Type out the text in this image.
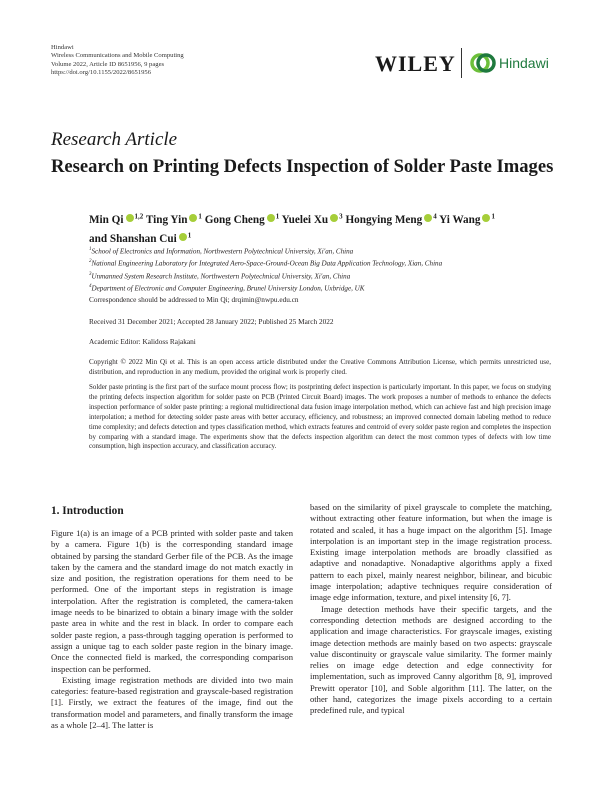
Hindawi
Wireless Communications and Mobile Computing
Volume 2022, Article ID 8651956, 9 pages
https://doi.org/10.1155/2022/8651956	WILEY	Hindawi
Research Article
Research on Printing Defects Inspection of Solder Paste Images
Min Qi $^{1,2}$ Ting Yin $^1$ Gong Cheng $^1$ Yuelei Xu $^3$ Hongying Meng $^4$ Yi Wang $^1$
and Shanshan Cui $^1$
$^1$School of Electronics and Information, Northwestern Polytechnical University, Xi'an, China
$^2$National Engineering Laboratory for Integrated Aero-Space-Ground-Ocean Big Data Application Technology, Xian, China
$^3$Unmanned System Research Institute, Northwestern Polytechnical University, Xi'an, China
$^4$Department of Electronic and Computer Engineering, Brunel University London, Uxbridge, UK
Correspondence should be addressed to Min Qi; drqimin@nwpu.edu.cn
Received 31 December 2021; Accepted 28 January 2022; Published 25 March 2022
Academic Editor: Kalidoss Rajakani
Copyright © 2022 Min Qi et al. This is an open access article distributed under the Creative Commons Attribution License, which permits unrestricted use, distribution, and reproduction in any medium, provided the original work is properly cited.
Solder paste printing is the first part of the surface mount process flow; its postprinting defect inspection is particularly important. In this paper, we focus on studying the printing defects inspection algorithm for solder paste on PCB (Printed Circuit Board) images. The work proposes a number of methods to enhance the defects inspection performance of solder paste printing: a regional multidirectional data fusion image interpolation method, which can achieve fast and high precision image interpolation; a method for detecting solder paste areas with better accuracy, efficiency, and robustness; an improved connected domain labeling method to reduce time complexity; and defects detection and types classification method, which extracts features and centroid of every solder paste region and completes the inspection by comparing with a standard image. The experiments show that the defects inspection algorithm can detect the most common types of defects with low time consumption, high inspection accuracy, and classification accuracy.
1. Introduction

Figure 1(a) is an image of a PCB printed with solder paste and taken by a camera. Figure 1(b) is the corresponding standard image obtained by parsing the standard Gerber file of the PCB. As the image taken by the camera and the standard image do not match exactly in size and position, the registration operations for them need to be performed. One of the important steps in registration is image interpolation. After the registration is completed, the camera-taken image needs to be binarized to obtain a binary image with the solder paste area in white and the rest in black. In order to compare each solder paste region, a pass-through tagging operation is performed to assign a unique tag to each solder paste region in the binary image. Once the connected field is marked, the corresponding comparison inspection can be performed.

Existing image registration methods are divided into two main categories: feature-based registration and grayscale-based registration [1]. Firstly, we extract the features of the image, find out the transformation model and parameters, and finally transform the image as a whole [2–4]. The latter is

based on the similarity of pixel grayscale to complete the matching, without extracting other feature information, but when the image is rotated and scaled, it has a huge impact on the algorithm [5]. Image interpolation is an important step in the image registration process. Existing image interpolation methods are broadly classified as adaptive and nonadaptive. Nonadaptive algorithms apply a fixed pattern to each pixel, mainly nearest neighbor, bilinear, and bicubic image interpolation; adaptive techniques require consideration of image edge information, texture, and pixel intensity [6, 7].

Image detection methods have their specific targets, and the corresponding detection methods are designed according to the application and image characteristics. For grayscale images, existing image detection methods are mainly based on two aspects: grayscale value discontinuity or grayscale value similarity. The former mainly relies on image edge detection and edge connectivity for implementation, such as improved Canny algorithm [8, 9], improved Prewitt operator [10], and Soble algorithm [11]. The latter, on the other hand, categorizes the image pixels according to a certain predefined rule, and typical
